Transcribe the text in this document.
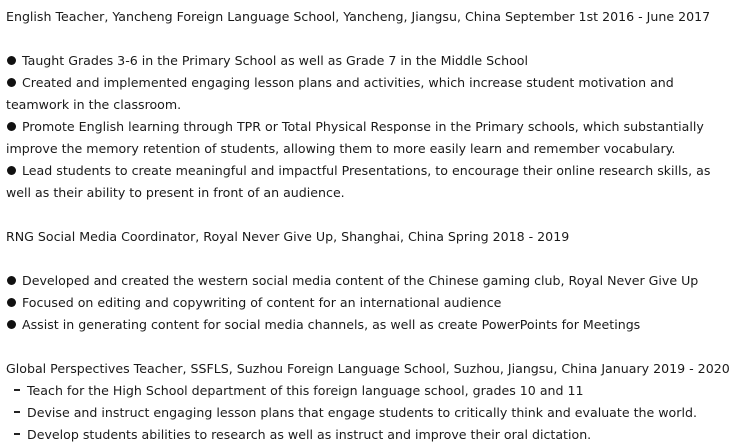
English Teacher, Yancheng Foreign Language School, Yancheng, Jiangsu, China September 1st 2016 - June 2017
Taught Grades 3-6 in the Primary School as well as Grade 7 in the Middle School
Created and implemented engaging lesson plans and activities, which increase student motivation and
teamwork in the classroom.
Promote English learning through TPR or Total Physical Response in the Primary schools, which substantially
improve the memory retention of students, allowing them to more easily learn and remember vocabulary.
Lead students to create meaningful and impactful Presentations, to encourage their online research skills, as
well as their ability to present in front of an audience.
RNG Social Media Coordinator, Royal Never Give Up, Shanghai, China Spring 2018 - 2019
Developed and created the western social media content of the Chinese gaming club, Royal Never Give Up
Focused on editing and copywriting of content for an international audience
Assist in generating content for social media channels, as well as create PowerPoints for Meetings
Global Perspectives Teacher, SSFLS, Suzhou Foreign Language School, Suzhou, Jiangsu, China January 2019 - 2020
Teach for the High School department of this foreign language school, grades 10 and 11
Devise and instruct engaging lesson plans that engage students to critically think and evaluate the world.
Develop students abilities to research as well as instruct and improve their oral dictation.
